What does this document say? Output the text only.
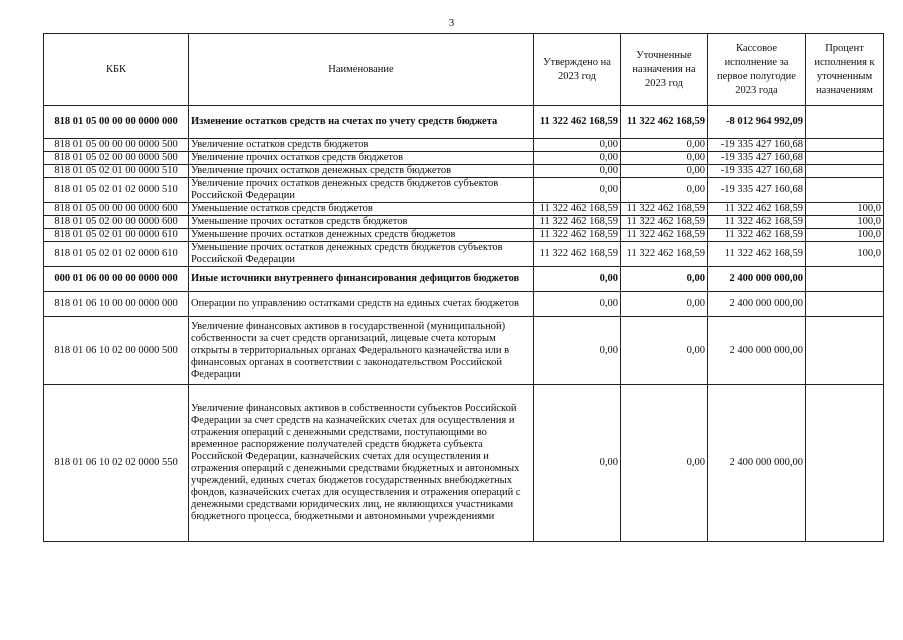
3
КБК	Наименование	Утверждено на 2023 год	Уточненные назначения на 2023 год	Кассовое исполнение за первое полугодие 2023 года	Процент исполнения к уточненным назначениям
818 01 05 00 00 00 0000 000	Изменение остатков средств на счетах по учету средств бюджета	11 322 462 168,59	11 322 462 168,59	-8 012 964 992,09	
818 01 05 00 00 00 0000 500	Увеличение остатков средств бюджетов	0,00	0,00	-19 335 427 160,68	
818 01 05 02 00 00 0000 500	Увеличение прочих остатков средств бюджетов	0,00	0,00	-19 335 427 160,68	
818 01 05 02 01 00 0000 510	Увеличение прочих остатков денежных средств бюджетов	0,00	0,00	-19 335 427 160,68	
818 01 05 02 01 02 0000 510	Увеличение прочих остатков денежных средств бюджетов субъектов Российской Федерации	0,00	0,00	-19 335 427 160,68	
818 01 05 00 00 00 0000 600	Уменьшение остатков средств бюджетов	11 322 462 168,59	11 322 462 168,59	11 322 462 168,59	100,0
818 01 05 02 00 00 0000 600	Уменьшение прочих остатков средств бюджетов	11 322 462 168,59	11 322 462 168,59	11 322 462 168,59	100,0
818 01 05 02 01 00 0000 610	Уменьшение прочих остатков денежных средств бюджетов	11 322 462 168,59	11 322 462 168,59	11 322 462 168,59	100,0
818 01 05 02 01 02 0000 610	Уменьшение прочих остатков денежных средств бюджетов субъектов Российской Федерации	11 322 462 168,59	11 322 462 168,59	11 322 462 168,59	100,0
000 01 06 00 00 00 0000 000	Иные источники внутреннего финансирования дефицитов бюджетов	0,00	0,00	2 400 000 000,00	
818 01 06 10 00 00 0000 000	Операции по управлению остатками средств на единых счетах бюджетов	0,00	0,00	2 400 000 000,00	
818 01 06 10 02 00 0000 500	Увеличение финансовых активов в государственной (муниципальной) собственности за счет средств организаций, лицевые счета которым открыты в территориальных органах Федерального казначейства или в финансовых органах в соответствии с законодательством Российской Федерации	0,00	0,00	2 400 000 000,00	
818 01 06 10 02 02 0000 550	Увеличение финансовых активов в собственности субъектов Российской Федерации за счет средств на казначейских счетах для осуществления и отражения операций с денежными средствами, поступающими во временное распоряжение получателей средств бюджета субъекта Российской Федерации, казначейских счетах для осуществления и отражения операций с денежными средствами бюджетных и автономных учреждений, единых счетах бюджетов государственных внебюджетных фондов, казначейских счетах для осуществления и отражения операций с денежными средствами юридических лиц, не являющихся участниками бюджетного процесса, бюджетными и автономными учреждениями	0,00	0,00	2 400 000 000,00	
